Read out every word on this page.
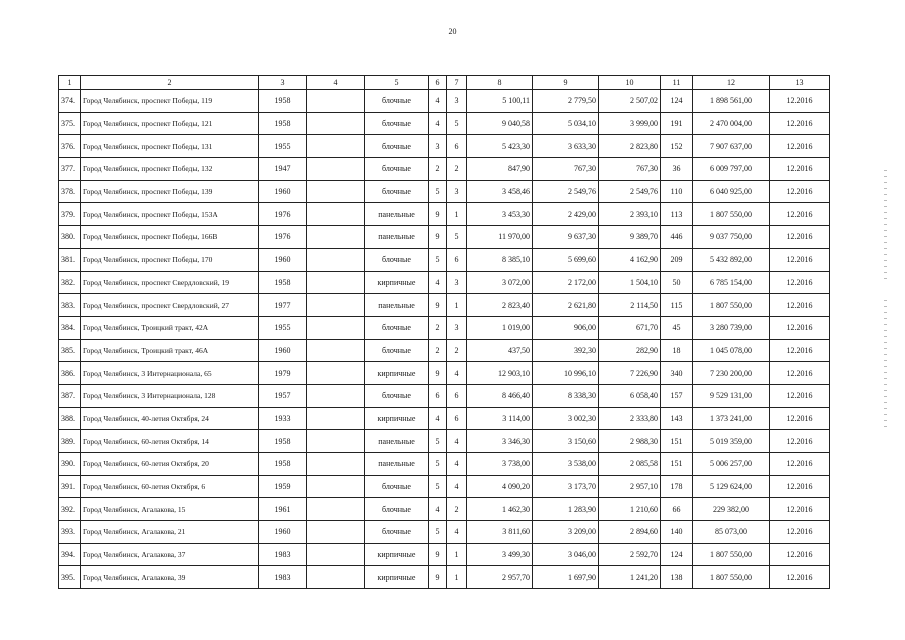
20
1	2	3	4	5	6	7	8	9	10	11	12	13
374.	Город Челябинск, проспект Победы, 119	1958		блочные	4	3	5 100,11	2 779,50	2 507,02	124	1 898 561,00	12.2016
375.	Город Челябинск, проспект Победы, 121	1958		блочные	4	5	9 040,58	5 034,10	3 999,00	191	2 470 004,00	12.2016
376.	Город Челябинск, проспект Победы, 131	1955		блочные	3	6	5 423,30	3 633,30	2 823,80	152	7 907 637,00	12.2016
377.	Город Челябинск, проспект Победы, 132	1947		блочные	2	2	847,90	767,30	767,30	36	6 009 797,00	12.2016
378.	Город Челябинск, проспект Победы, 139	1960		блочные	5	3	3 458,46	2 549,76	2 549,76	110	6 040 925,00	12.2016
379.	Город Челябинск, проспект Победы, 153А	1976		панельные	9	1	3 453,30	2 429,00	2 393,10	113	1 807 550,00	12.2016
380.	Город Челябинск, проспект Победы, 166В	1976		панельные	9	5	11 970,00	9 637,30	9 389,70	446	9 037 750,00	12.2016
381.	Город Челябинск, проспект Победы, 170	1960		блочные	5	6	8 385,10	5 699,60	4 162,90	209	5 432 892,00	12.2016
382.	Город Челябинск, проспект Свердловский, 19	1958		кирпичные	4	3	3 072,00	2 172,00	1 504,10	50	6 785 154,00	12.2016
383.	Город Челябинск, проспект Свердловский, 27	1977		панельные	9	1	2 823,40	2 621,80	2 114,50	115	1 807 550,00	12.2016
384.	Город Челябинск, Троицкий тракт, 42А	1955		блочные	2	3	1 019,00	906,00	671,70	45	3 280 739,00	12.2016
385.	Город Челябинск, Троицкий тракт, 46А	1960		блочные	2	2	437,50	392,30	282,90	18	1 045 078,00	12.2016
386.	Город Челябинск, 3 Интернационала, 65	1979		кирпичные	9	4	12 903,10	10 996,10	7 226,90	340	7 230 200,00	12.2016
387.	Город Челябинск, 3 Интернационала, 128	1957		блочные	6	6	8 466,40	8 338,30	6 058,40	157	9 529 131,00	12.2016
388.	Город Челябинск, 40-летия Октября, 24	1933		кирпичные	4	6	3 114,00	3 002,30	2 333,80	143	1 373 241,00	12.2016
389.	Город Челябинск, 60-летия Октября, 14	1958		панельные	5	4	3 346,30	3 150,60	2 988,30	151	5 019 359,00	12.2016
390.	Город Челябинск, 60-летия Октября, 20	1958		панельные	5	4	3 738,00	3 538,00	2 085,58	151	5 006 257,00	12.2016
391.	Город Челябинск, 60-летия Октября, 6	1959		блочные	5	4	4 090,20	3 173,70	2 957,10	178	5 129 624,00	12.2016
392.	Город Челябинск, Агалакова, 15	1961		блочные	4	2	1 462,30	1 283,90	1 210,60	66	229 382,00	12.2016
393.	Город Челябинск, Агалакова, 21	1960		блочные	5	4	3 811,60	3 209,00	2 894,60	140	85 073,00	12.2016
394.	Город Челябинск, Агалакова, 37	1983		кирпичные	9	1	3 499,30	3 046,00	2 592,70	124	1 807 550,00	12.2016
395.	Город Челябинск, Агалакова, 39	1983		кирпичные	9	1	2 957,70	1 697,90	1 241,20	138	1 807 550,00	12.2016
